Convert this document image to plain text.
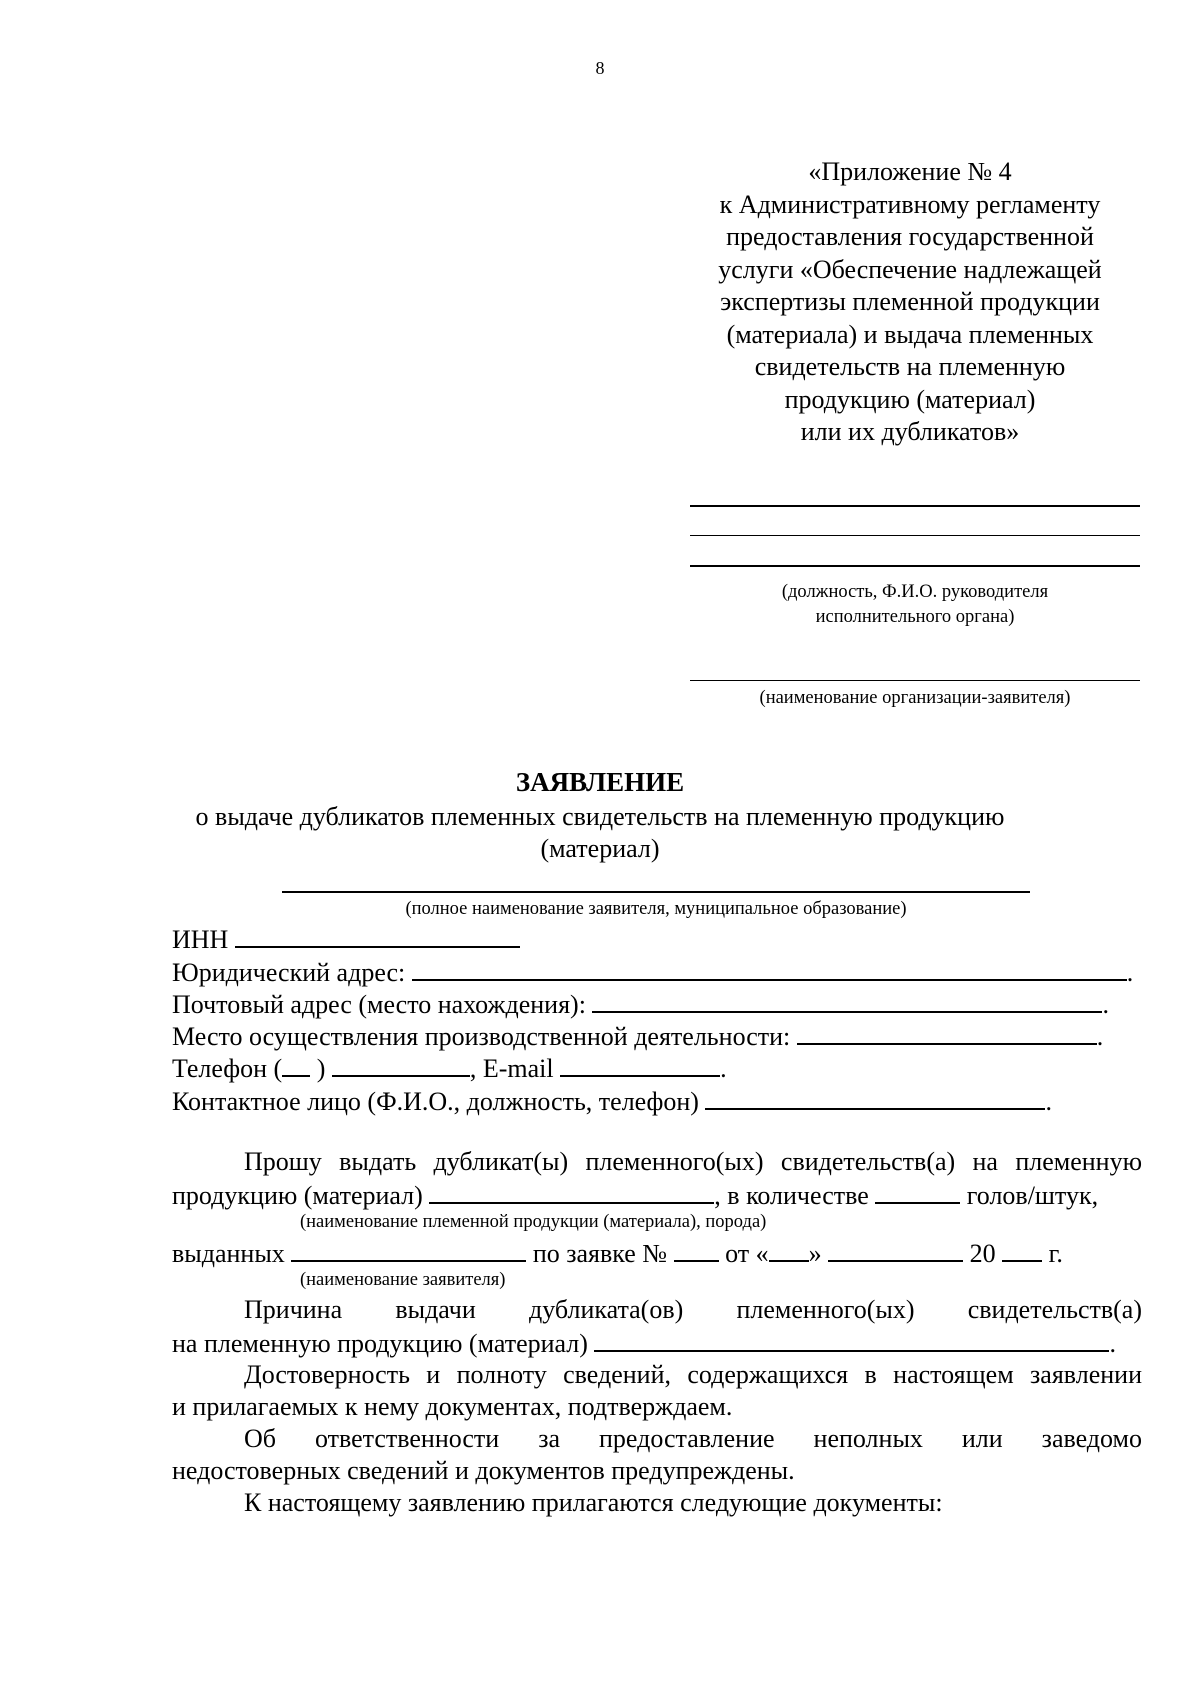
8
«Приложение № 4
к Административному регламенту
предоставления государственной
услуги «Обеспечение надлежащей
экспертизы племенной продукции
(материала) и выдача племенных
свидетельств на племенную
продукцию (материал)
или их дубликатов»
(должность, Ф.И.О. руководителя
исполнительного органа)
(наименование организации-заявителя)
ЗАЯВЛЕНИЕ
о выдаче дубликатов племенных свидетельств на племенную продукцию
(материал)
(полное наименование заявителя, муниципальное образование)
ИНН
Юридический адрес:	.
Почтовый адрес (место нахождения):	.
Место осуществления производственной деятельности:	.
Телефон ( )	, E-mail	.
Контактное лицо (Ф.И.О., должность, телефон)	.
Прошу выдать дубликат(ы) племенного(ых) свидетельств(а) на племенную
продукцию (материал)	, в количестве	голов/штук,
(наименование племенной продукции (материала), порода)
выданных	по заявке № от « »	20 г.
(наименование заявителя)
Причина выдачи дубликата(ов) племенного(ых) свидетельств(а)
на племенную продукцию (материал)	.
Достоверность и полноту сведений, содержащихся в настоящем заявлении
и прилагаемых к нему документах, подтверждаем.
Об ответственности за предоставление неполных или заведомо
недостоверных сведений и документов предупреждены.
К настоящему заявлению прилагаются следующие документы:
